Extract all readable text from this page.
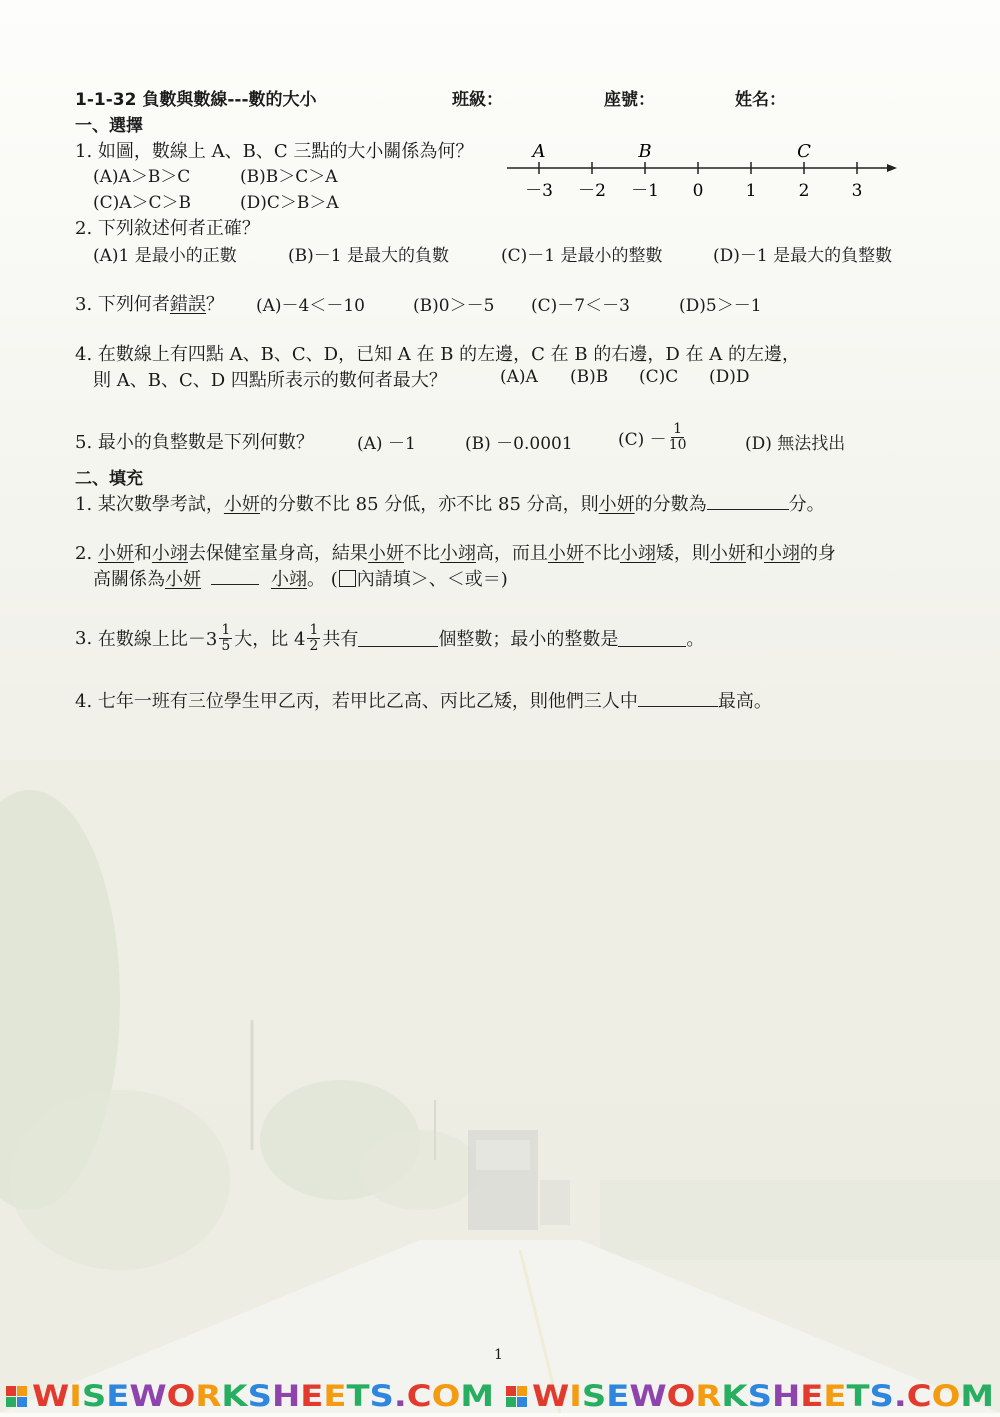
1-1-32 負數與數線---數的大小	班級：	座號：	姓名：
一、選擇
1. 如圖，數線上 A、B、C 三點的大小關係為何？
(A)A＞B＞C	(B)B＞C＞A
(C)A＞C＞B	(D)C＞B＞A
－3 －2 －1 0 1 2 3
A	B	C
2. 下列敘述何者正確？
(A)1 是最小的正數	(B)－1 是最大的負數	(C)－1 是最小的整數	(D)－1 是最大的負整數
3. 下列何者錯誤？ (A)－4＜－10	(B)0＞－5 (C)－7＜－3	(D)5＞－1
4. 在數線上有四點 A、B、C、D，已知 A 在 B 的左邊，C 在 B 的右邊，D 在 A 的左邊，
則 A、B、C、D 四點所表示的數何者最大？	(A)A (B)B (C)C (D)D
5. 最小的負整數是下列何數？	(A) －1	(B) －0.0001	$(C) - \frac{1}{10}$	(D) 無法找出
二、填充
1. 某次數學考試，小妍的分數不比 85 分低，亦不比 85 分高，則小妍的分數為	分。
2. 小妍和小翊去保健室量身高，結果小妍不比小翊高，而且小妍不比小翊矮，則小妍和小翊的身
高關係為小妍	小翊。 ( 內請填＞、＜或＝)
3.
在數線上比$-3 \frac{1}{5}$ 大，比 $4 \frac{1}{2}$ 共有	個整數；最小的整數是	。
4. 七年一班有三位學生甲乙丙，若甲比乙高、丙比乙矮，則他們三人中	最高。
1
W IS E W O R K S H E E T S .C O M W IS E W O R K S H E E T S .C O M
